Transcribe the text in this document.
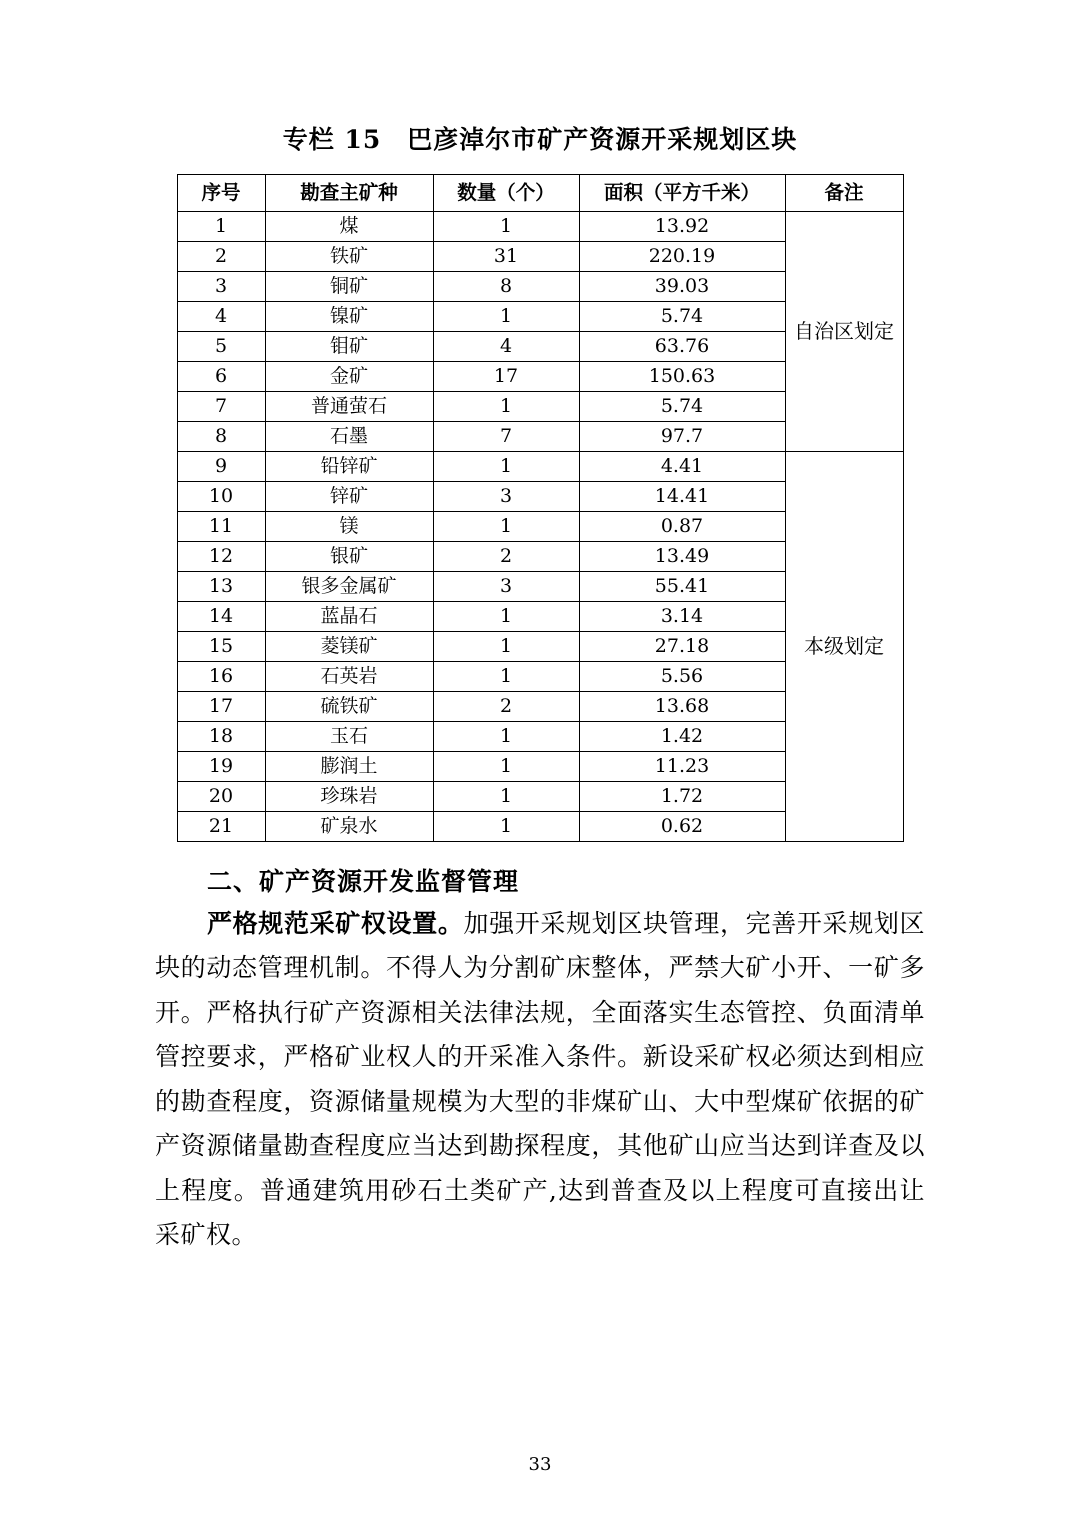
专栏 15 巴彦淖尔市矿产资源开采规划区块
序号	勘查主矿种	数量（个）	面积（平方千米）	备注
1	煤	1	13.92	自治区划定
2	铁矿	31	220.19	
3	铜矿	8	39.03	
4	镍矿	1	5.74	
5	钼矿	4	63.76	
6	金矿	17	150.63	
7	普通萤石	1	5.74	
8	石墨	7	97.7	
9	铅锌矿	1	4.41	本级划定
10	锌矿	3	14.41	
11	镁	1	0.87	
12	银矿	2	13.49	
13	银多金属矿	3	55.41	
14	蓝晶石	1	3.14	
15	菱镁矿	1	27.18	
16	石英岩	1	5.56	
17	硫铁矿	2	13.68	
18	玉石	1	1.42	
19	膨润土	1	11.23	
20	珍珠岩	1	1.72	
21	矿泉水	1	0.62	
二、矿产资源开发监督管理

严格规范采矿权设置。加强开采规划区块管理，完善开采规划区块的动态管理机制。不得人为分割矿床整体，严禁大矿小开、一矿多开。严格执行矿产资源相关法律法规，全面落实生态管控、负面清单管控要求，严格矿业权人的开采准入条件。新设采矿权必须达到相应的勘查程度，资源储量规模为大型的非煤矿山、大中型煤矿依据的矿产资源储量勘查程度应当达到勘探程度，其他矿山应当达到详查及以上程度。普通建筑用砂石土类矿产,达到普查及以上程度可直接出让采矿权。

33
